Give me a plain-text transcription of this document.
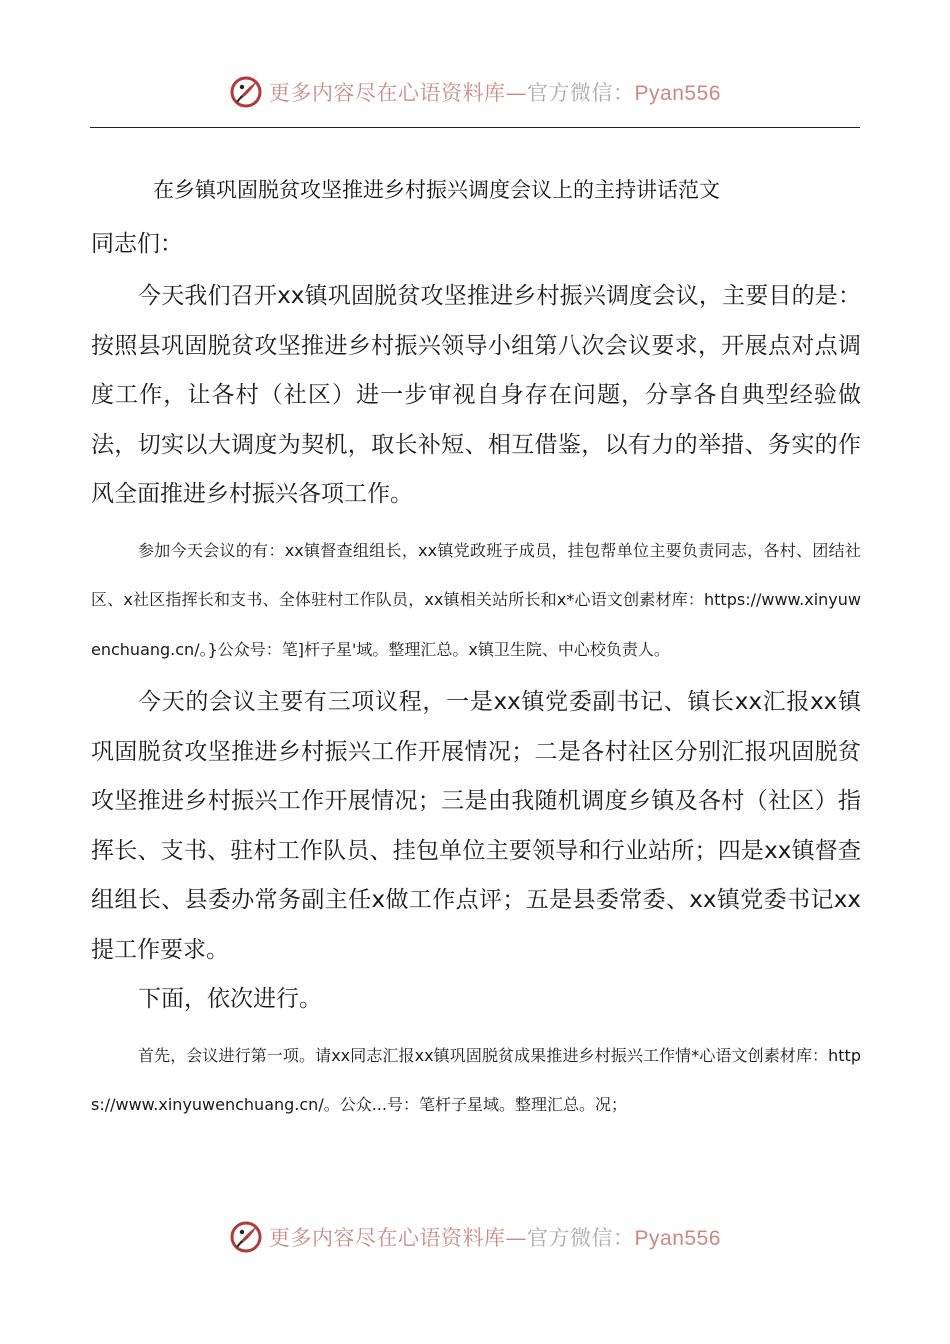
更多内容尽在心语资料库—官方微信：Pyan556
在乡镇巩固脱贫攻坚推进乡村振兴调度会议上的主持讲话范文

同志们：

今天我们召开xx镇巩固脱贫攻坚推进乡村振兴调度会议，主要目的是：按照县巩固脱贫攻坚推进乡村振兴领导小组第八次会议要求，开展点对点调度工作，让各村（社区）进一步审视自身存在问题，分享各自典型经验做法，切实以大调度为契机，取长补短、相互借鉴，以有力的举措、务实的作风全面推进乡村振兴各项工作。

参加今天会议的有：xx镇督查组组长，xx镇党政班子成员，挂包帮单位主要负责同志，各村、团结社区、x社区指挥长和支书、全体驻村工作队员，xx镇相关站所长和x*心语文创素材库：https://www.xinyuwenchuang.cn/。}公众号：笔]杆子星'域。整理汇总。x镇卫生院、中心校负责人。

今天的会议主要有三项议程，一是xx镇党委副书记、镇长xx汇报xx镇巩固脱贫攻坚推进乡村振兴工作开展情况；二是各村社区分别汇报巩固脱贫攻坚推进乡村振兴工作开展情况；三是由我随机调度乡镇及各村（社区）指挥长、支书、驻村工作队员、挂包单位主要领导和行业站所；四是xx镇督查组组长、县委办常务副主任x做工作点评；五是县委常委、xx镇党委书记xx提工作要求。

下面，依次进行。

首先，会议进行第一项。请xx同志汇报xx镇巩固脱贫成果推进乡村振兴工作情*心语文创素材库：https://www.xinyuwenchuang.cn/。公众...号：笔杆子星域。整理汇总。况；

更多内容尽在心语资料库—官方微信：Pyan556
